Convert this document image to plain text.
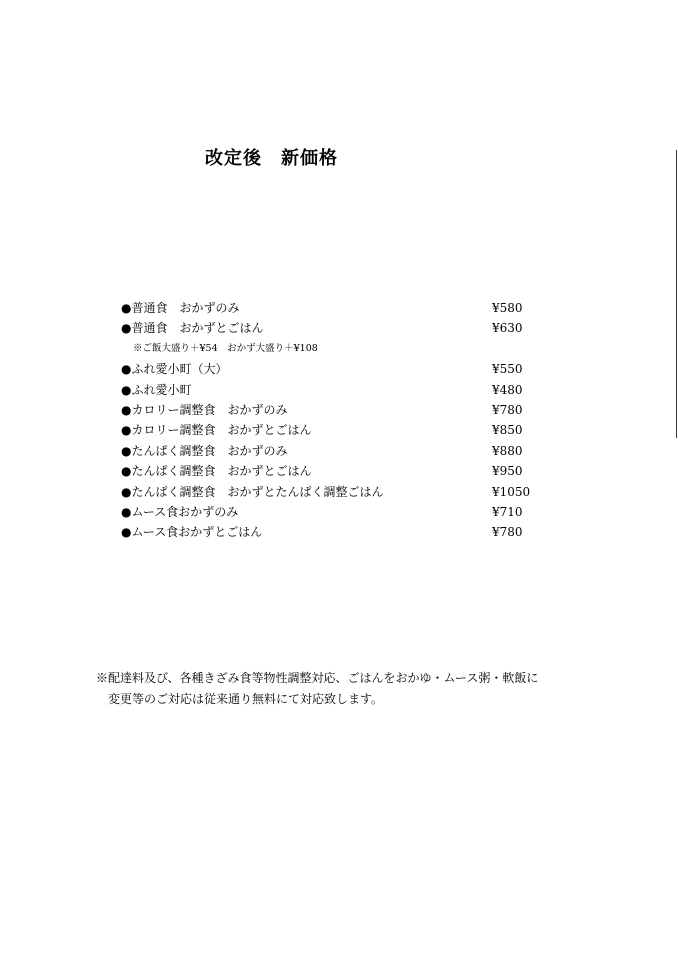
改定後　新価格
●普通食　おかずのみ	¥580
●普通食　おかずとごはん	¥630
※ご飯大盛り＋¥54　おかず大盛り＋¥108
●ふれ愛小町（大）	¥550
●ふれ愛小町	¥480
●カロリー調整食　おかずのみ	¥780
●カロリー調整食　おかずとごはん	¥850
●たんぱく調整食　おかずのみ	¥880
●たんぱく調整食　おかずとごはん	¥950
●たんぱく調整食　おかずとたんぱく調整ごはん	¥1050
●ムース食おかずのみ	¥710
●ムース食おかずとごはん	¥780
※配達料及び、各種きざみ食等物性調整対応、ごはんをおかゆ・ムース粥・軟飯に
変更等のご対応は従来通り無料にて対応致します。
